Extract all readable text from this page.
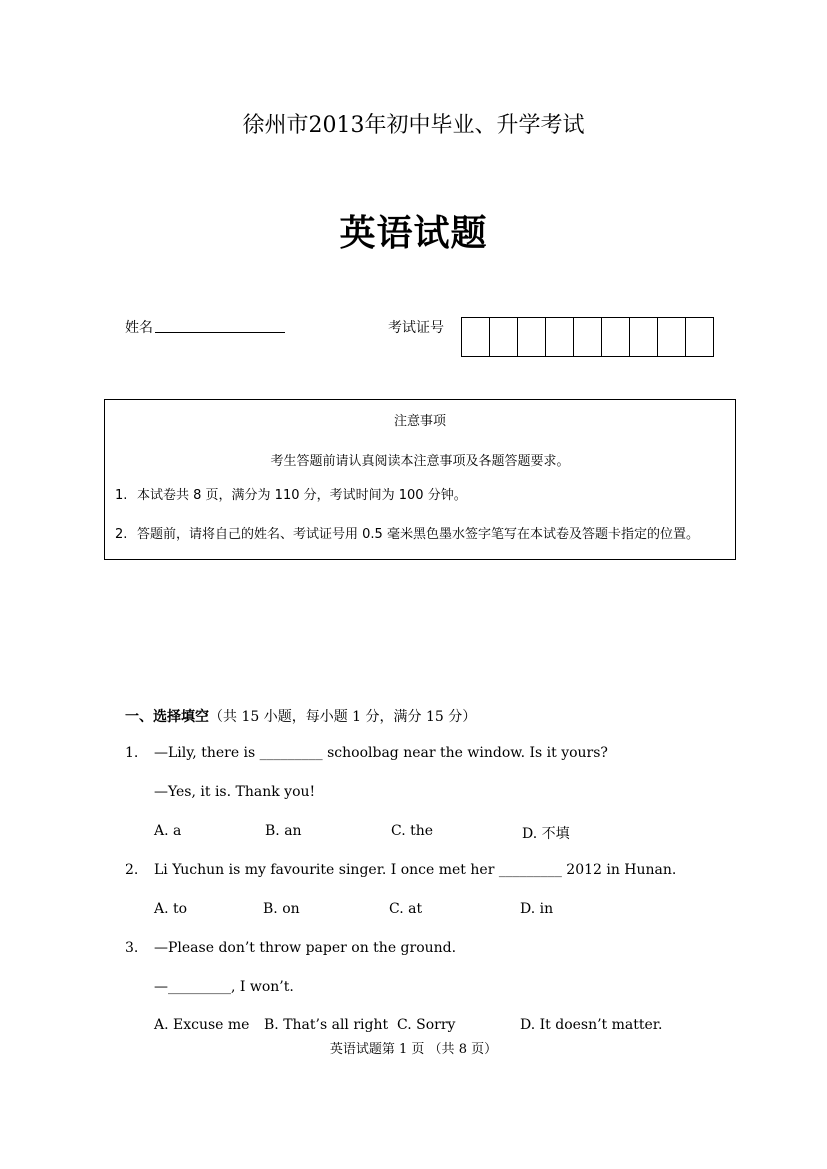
徐州市2013年初中毕业、升学考试
英语试题
姓名	考试证号
注意事项
考生答题前请认真阅读本注意事项及各题答题要求。
1. 本试卷共 8 页，满分为 110 分，考试时间为 100 分钟。
2. 答题前，请将自己的姓名、考试证号用 0.5 毫米黑色墨水签字笔写在本试卷及答题卡指定的位置。
一、选择填空（共 15 小题，每小题 1 分，满分 15 分）
1. —Lily, there is _________ schoolbag near the window. Is it yours?
—Yes, it is. Thank you!
A. a	B. an	C. the	D. 不填
2. Li Yuchun is my favourite singer. I once met her _________ 2012 in Hunan.
A. to	B. on	C. at	D. in
3. —Please don’t throw paper on the ground.
—_________, I won’t.
A. Excuse me B. That’s all right C. Sorry	D. It doesn’t matter.
英语试题第 1 页 （共 8 页）
